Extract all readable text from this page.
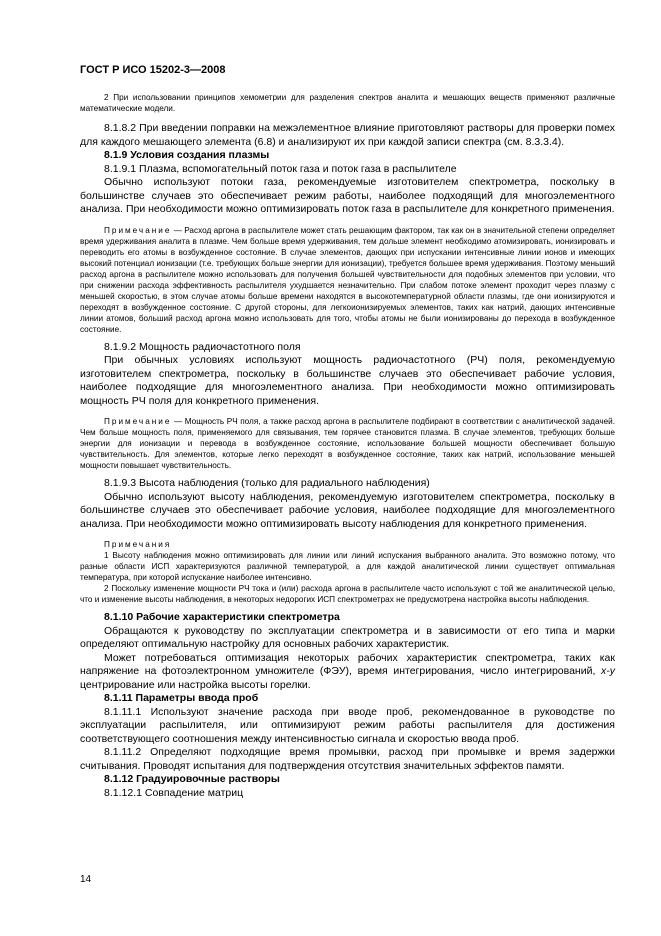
ГОСТ Р ИСО 15202-3—2008

2 При использовании принципов хемометрии для разделения спектров аналита и мешающих веществ применяют различные математические модели.

8.1.8.2 При введении поправки на межэлементное влияние приготовляют растворы для проверки помех для каждого мешающего элемента (6.8) и анализируют их при каждой записи спектра (см. 8.3.3.4).

8.1.9 Условия создания плазмы

8.1.9.1 Плазма, вспомогательный поток газа и поток газа в распылителе

Обычно используют потоки газа, рекомендуемые изготовителем спектрометра, поскольку в большинстве случаев это обеспечивает режим работы, наиболее подходящий для многоэлементного анализа. При необходимости можно оптимизировать поток газа в распылителе для конкретного применения.

Примечание — Расход аргона в распылителе может стать решающим фактором, так как он в значительной степени определяет время удерживания аналита в плазме. Чем больше время удерживания, тем дольше элемент необходимо атомизировать, ионизировать и переводить его атомы в возбужденное состояние. В случае элементов, дающих при испускании интенсивные линии ионов и имеющих высокий потенциал ионизации (т.е. требующих больше энергии для ионизации), требуется большее время удерживания. Поэтому меньший расход аргона в распылителе можно использовать для получения большей чувствительности для подобных элементов при условии, что при снижении расхода эффективность распылителя ухудшается незначительно. При слабом потоке элемент проходит через плазму с меньшей скоростью, в этом случае атомы больше времени находятся в высокотемпературной области плазмы, где они ионизируются и переходят в возбужденное состояние. С другой стороны, для легкоионизируемых элементов, таких как натрий, дающих интенсивные линии атомов, больший расход аргона можно использовать для того, чтобы атомы не были ионизированы до перехода в возбужденное состояние.

8.1.9.2 Мощность радиочастотного поля

При обычных условиях используют мощность радиочастотного (РЧ) поля, рекомендуемую изготовителем спектрометра, поскольку в большинстве случаев это обеспечивает рабочие условия, наиболее подходящие для многоэлементного анализа. При необходимости можно оптимизировать мощность РЧ поля для конкретного применения.

Примечание — Мощность РЧ поля, а также расход аргона в распылителе подбирают в соответствии с аналитической задачей. Чем больше мощность поля, применяемого для связывания, тем горячее становится плазма. В случае элементов, требующих больше энергии для ионизации и перевода в возбужденное состояние, использование большей мощности обеспечивает большую чувствительность. Для элементов, которые легко переходят в возбужденное состояние, таких как натрий, использование меньшей мощности повышает чувствительность.

8.1.9.3 Высота наблюдения (только для радиального наблюдения)

Обычно используют высоту наблюдения, рекомендуемую изготовителем спектрометра, поскольку в большинстве случаев это обеспечивает рабочие условия, наиболее подходящие для многоэлементного анализа. При необходимости можно оптимизировать высоту наблюдения для конкретного применения.

Примечания

1 Высоту наблюдения можно оптимизировать для линии или линий испускания выбранного аналита. Это возможно потому, что разные области ИСП характеризуются различной температурой, а для каждой аналитической линии существует оптимальная температура, при которой испускание наиболее интенсивно.

2 Поскольку изменение мощности РЧ тока и (или) расхода аргона в распылителе часто используют с той же аналитической целью, что и изменение высоты наблюдения, в некоторых недорогих ИСП спектрометрах не предусмотрена настройка высоты наблюдения.

8.1.10 Рабочие характеристики спектрометра

Обращаются к руководству по эксплуатации спектрометра и в зависимости от его типа и марки определяют оптимальную настройку для основных рабочих характеристик.

Может потребоваться оптимизация некоторых рабочих характеристик спектрометра, таких как напряжение на фотоэлектронном умножителе (ФЭУ), время интегрирования, число интегрирований, x-y центрирование или настройка высоты горелки.

8.1.11 Параметры ввода проб

8.1.11.1 Используют значение расхода при вводе проб, рекомендованное в руководстве по эксплуатации распылителя, или оптимизируют режим работы распылителя для достижения соответствующего соотношения между интенсивностью сигнала и скоростью ввода проб.

8.1.11.2 Определяют подходящие время промывки, расход при промывке и время задержки считывания. Проводят испытания для подтверждения отсутствия значительных эффектов памяти.

8.1.12 Градуировочные растворы

8.1.12.1 Совпадение матриц

14
